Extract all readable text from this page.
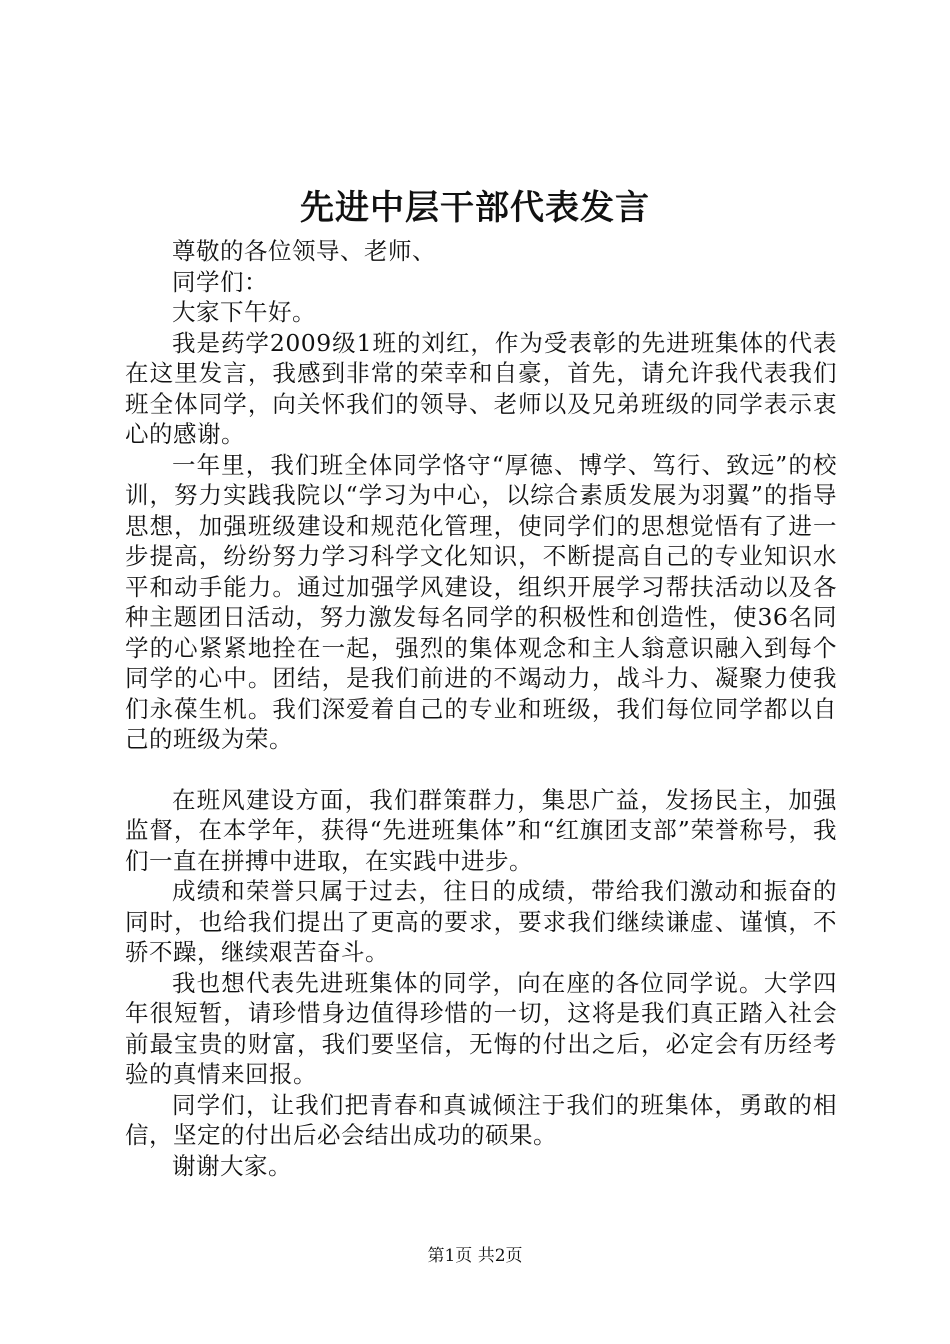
先进中层干部代表发言

尊敬的各位领导、老师、

同学们：

大家下午好。

我是药学2009级1班的刘红，作为受表彰的先进班集体的代表在这里发言，我感到非常的荣幸和自豪，首先，请允许我代表我们班全体同学，向关怀我们的领导、老师以及兄弟班级的同学表示衷心的感谢。

一年里，我们班全体同学恪守“厚德、博学、笃行、致远”的校训，努力实践我院以“学习为中心，以综合素质发展为羽翼”的指导思想，加强班级建设和规范化管理，使同学们的思想觉悟有了进一步提高，纷纷努力学习科学文化知识，不断提高自己的专业知识水平和动手能力。通过加强学风建设，组织开展学习帮扶活动以及各种主题团日活动，努力激发每名同学的积极性和创造性，使36名同学的心紧紧地拴在一起，强烈的集体观念和主人翁意识融入到每个同学的心中。团结，是我们前进的不竭动力，战斗力、凝聚力使我们永葆生机。我们深爱着自己的专业和班级，我们每位同学都以自己的班级为荣。

在班风建设方面，我们群策群力，集思广益，发扬民主，加强监督，在本学年，获得“先进班集体”和“红旗团支部”荣誉称号，我们一直在拼搏中进取，在实践中进步。

成绩和荣誉只属于过去，往日的成绩，带给我们激动和振奋的同时，也给我们提出了更高的要求，要求我们继续谦虚、谨慎，不骄不躁，继续艰苦奋斗。

我也想代表先进班集体的同学，向在座的各位同学说。大学四年很短暂，请珍惜身边值得珍惜的一切，这将是我们真正踏入社会前最宝贵的财富，我们要坚信，无悔的付出之后，必定会有历经考验的真情来回报。

同学们，让我们把青春和真诚倾注于我们的班集体，勇敢的相信，坚定的付出后必会结出成功的硕果。

谢谢大家。

第1页 共2页
